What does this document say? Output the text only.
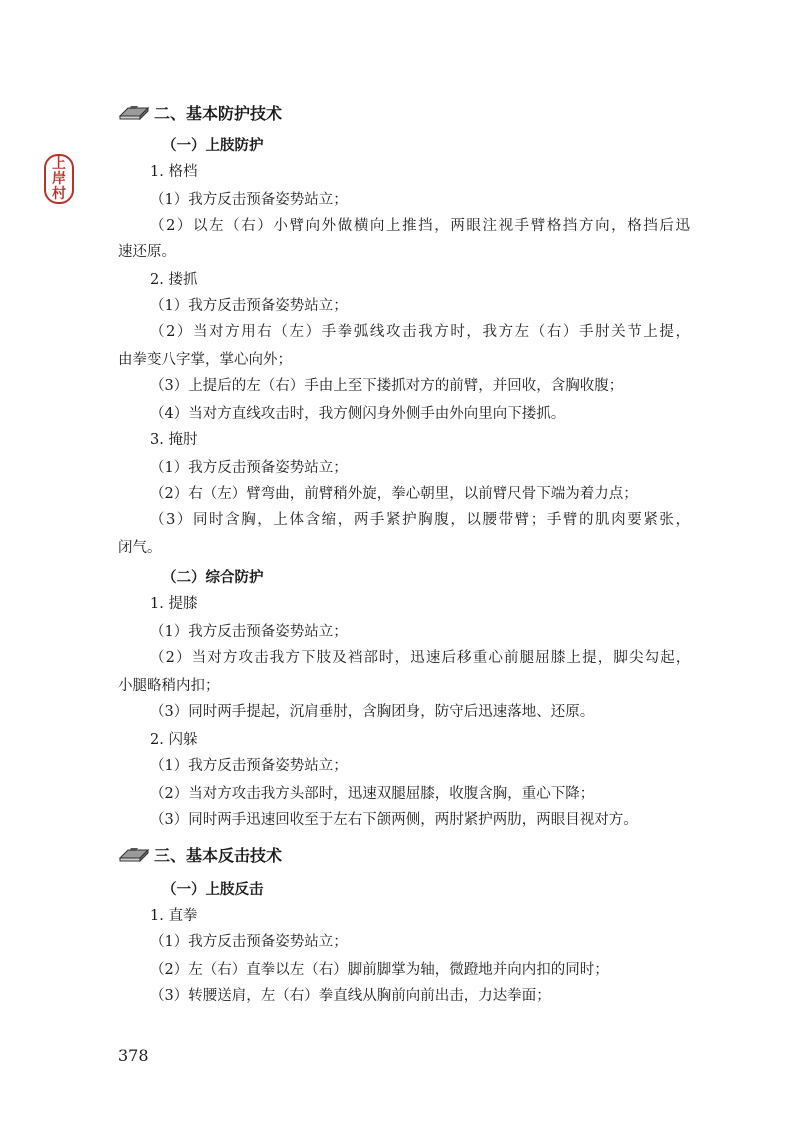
上
岸
村
二、基本防护技术
（一）上肢防护
1. 格档
（1）我方反击预备姿势站立；
（2）以左（右）小臂向外做横向上推挡，两眼注视手臂格挡方向，格挡后迅
速还原。
2. 搂抓
（1）我方反击预备姿势站立；
（2）当对方用右（左）手拳弧线攻击我方时，我方左（右）手肘关节上提，
由拳变八字掌，掌心向外；
（3）上提后的左（右）手由上至下搂抓对方的前臂，并回收，含胸收腹；
（4）当对方直线攻击时，我方侧闪身外侧手由外向里向下搂抓。
3. 掩肘
（1）我方反击预备姿势站立；
（2）右（左）臂弯曲，前臂稍外旋，拳心朝里，以前臂尺骨下端为着力点；
（3）同时含胸，上体含缩，两手紧护胸腹，以腰带臂；手臂的肌肉要紧张，
闭气。
（二）综合防护
1. 提膝
（1）我方反击预备姿势站立；
（2）当对方攻击我方下肢及裆部时，迅速后移重心前腿屈膝上提，脚尖勾起，
小腿略稍内扣；
（3）同时两手提起，沉肩垂肘，含胸团身，防守后迅速落地、还原。
2. 闪躲
（1）我方反击预备姿势站立；
（2）当对方攻击我方头部时，迅速双腿屈膝，收腹含胸，重心下降；
（3）同时两手迅速回收至于左右下颌两侧，两肘紧护两肋，两眼目视对方。
三、基本反击技术
（一）上肢反击
1. 直拳
（1）我方反击预备姿势站立；
（2）左（右）直拳以左（右）脚前脚掌为轴，微蹬地并向内扣的同时；
（3）转腰送肩，左（右）拳直线从胸前向前出击，力达拳面；
378
